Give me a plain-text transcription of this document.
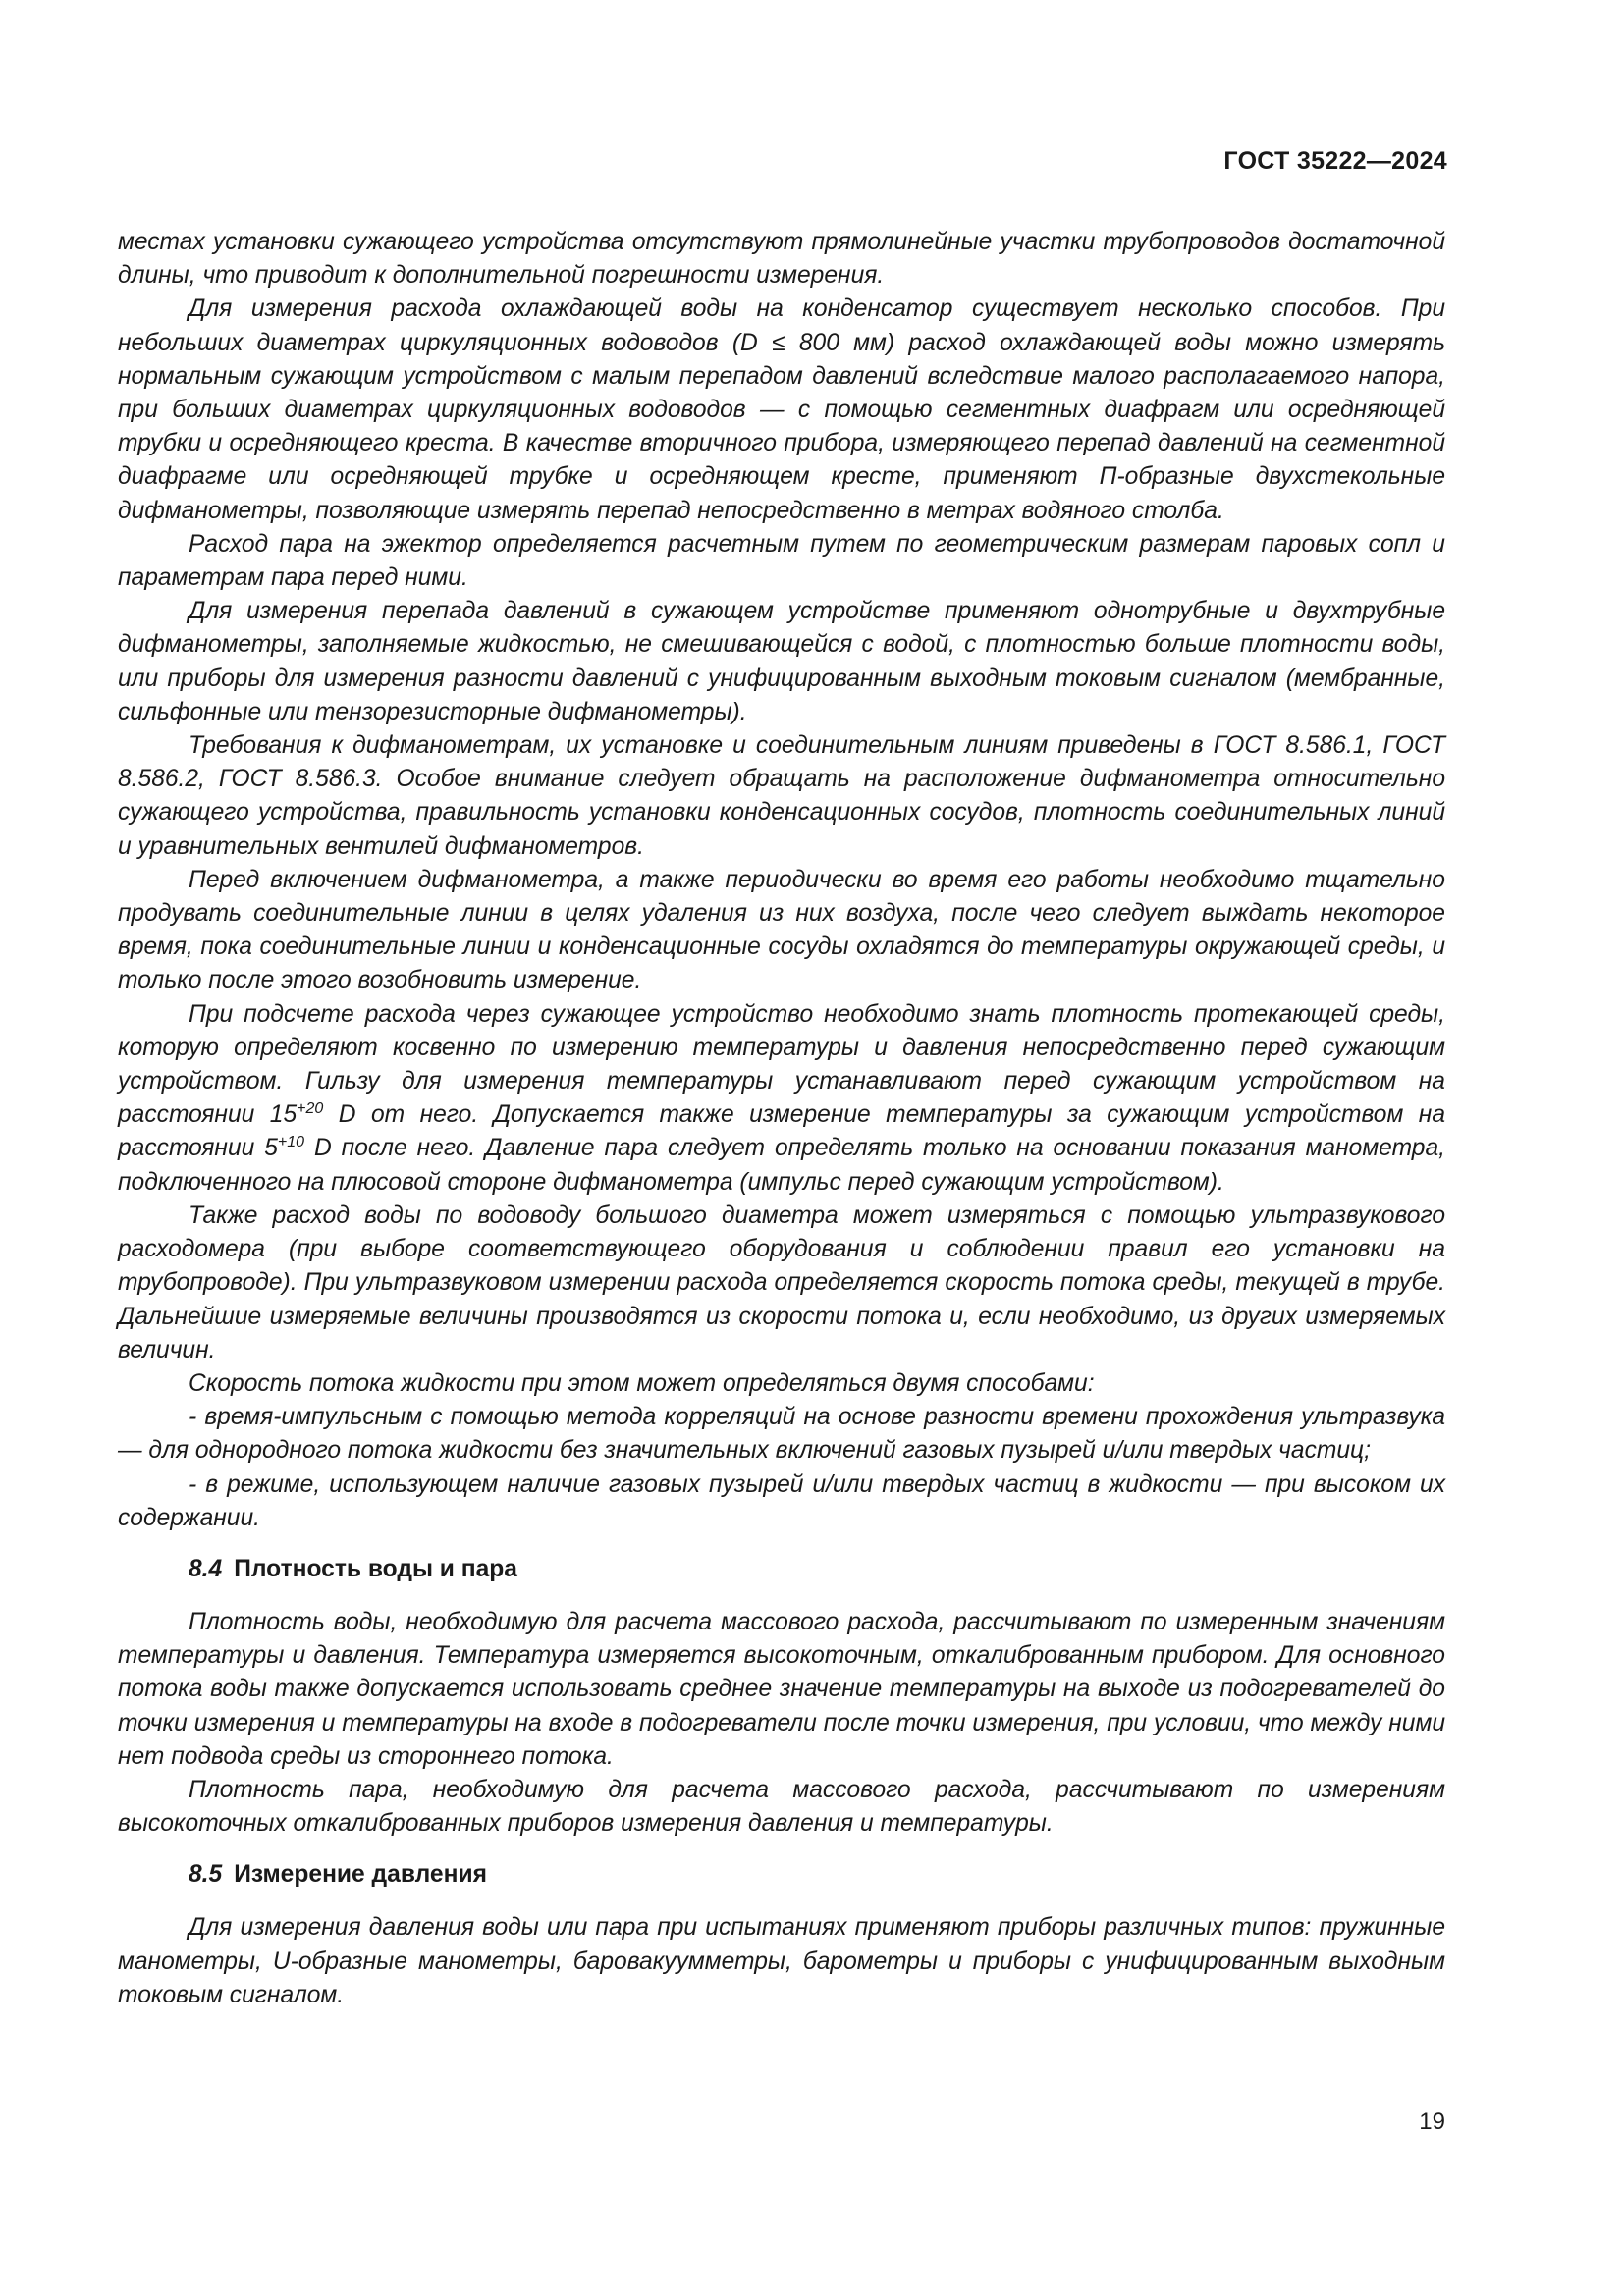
ГОСТ 35222—2024

местах установки сужающего устройства отсутствуют прямолинейные участки трубопроводов достаточной длины, что приводит к дополнительной погрешности измерения.

Для измерения расхода охлаждающей воды на конденсатор существует несколько способов. При небольших диаметрах циркуляционных водоводов (D ≤ 800 мм) расход охлаждающей воды можно измерять нормальным сужающим устройством с малым перепадом давлений вследствие малого располагаемого напора, при больших диаметрах циркуляционных водоводов — с помощью сегментных диафрагм или осредняющей трубки и осредняющего креста. В качестве вторичного прибора, измеряющего перепад давлений на сегментной диафрагме или осредняющей трубке и осредняющем кресте, применяют П-образные двухстекольные дифманометры, позволяющие измерять перепад непосредственно в метрах водяного столба.

Расход пара на эжектор определяется расчетным путем по геометрическим размерам паровых сопл и параметрам пара перед ними.

Для измерения перепада давлений в сужающем устройстве применяют однотрубные и двухтрубные дифманометры, заполняемые жидкостью, не смешивающейся с водой, с плотностью больше плотности воды, или приборы для измерения разности давлений с унифицированным выходным токовым сигналом (мембранные, сильфонные или тензорезисторные дифманометры).

Требования к дифманометрам, их установке и соединительным линиям приведены в ГОСТ 8.586.1, ГОСТ 8.586.2, ГОСТ 8.586.3. Особое внимание следует обращать на расположение дифманометра относительно сужающего устройства, правильность установки конденсационных сосудов, плотность соединительных линий и уравнительных вентилей дифманометров.

Перед включением дифманометра, а также периодически во время его работы необходимо тщательно продувать соединительные линии в целях удаления из них воздуха, после чего следует выждать некоторое время, пока соединительные линии и конденсационные сосуды охладятся до температуры окружающей среды, и только после этого возобновить измерение.

При подсчете расхода через сужающее устройство необходимо знать плотность протекающей среды, которую определяют косвенно по измерению температуры и давления непосредственно перед сужающим устройством. Гильзу для измерения температуры устанавливают перед сужающим устройством на расстоянии $15^{+20}$ D от него. Допускается также измерение температуры за сужающим устройством на расстоянии $5^{+10}$ D после него. Давление пара следует определять только на основании показания манометра, подключенного на плюсовой стороне дифманометра (импульс перед сужающим устройством).

Также расход воды по водоводу большого диаметра может измеряться с помощью ультразвукового расходомера (при выборе соответствующего оборудования и соблюдении правил его установки на трубопроводе). При ультразвуковом измерении расхода определяется скорость потока среды, текущей в трубе. Дальнейшие измеряемые величины производятся из скорости потока и, если необходимо, из других измеряемых величин.

Скорость потока жидкости при этом может определяться двумя способами:

- время-импульсным с помощью метода корреляций на основе разности времени прохождения ультразвука — для однородного потока жидкости без значительных включений газовых пузырей и/или твердых частиц;

- в режиме, использующем наличие газовых пузырей и/или твердых частиц в жидкости — при высоком их содержании.

8.4 Плотность воды и пара

Плотность воды, необходимую для расчета массового расхода, рассчитывают по измеренным значениям температуры и давления. Температура измеряется высокоточным, откалиброванным прибором. Для основного потока воды также допускается использовать среднее значение температуры на выходе из подогревателей до точки измерения и температуры на входе в подогреватели после точки измерения, при условии, что между ними нет подвода среды из стороннего потока.

Плотность пара, необходимую для расчета массового расхода, рассчитывают по измерениям высокоточных откалиброванных приборов измерения давления и температуры.

8.5 Измерение давления

Для измерения давления воды или пара при испытаниях применяют приборы различных типов: пружинные манометры, U-образные манометры, баровакуумметры, барометры и приборы с унифицированным выходным токовым сигналом.

19
